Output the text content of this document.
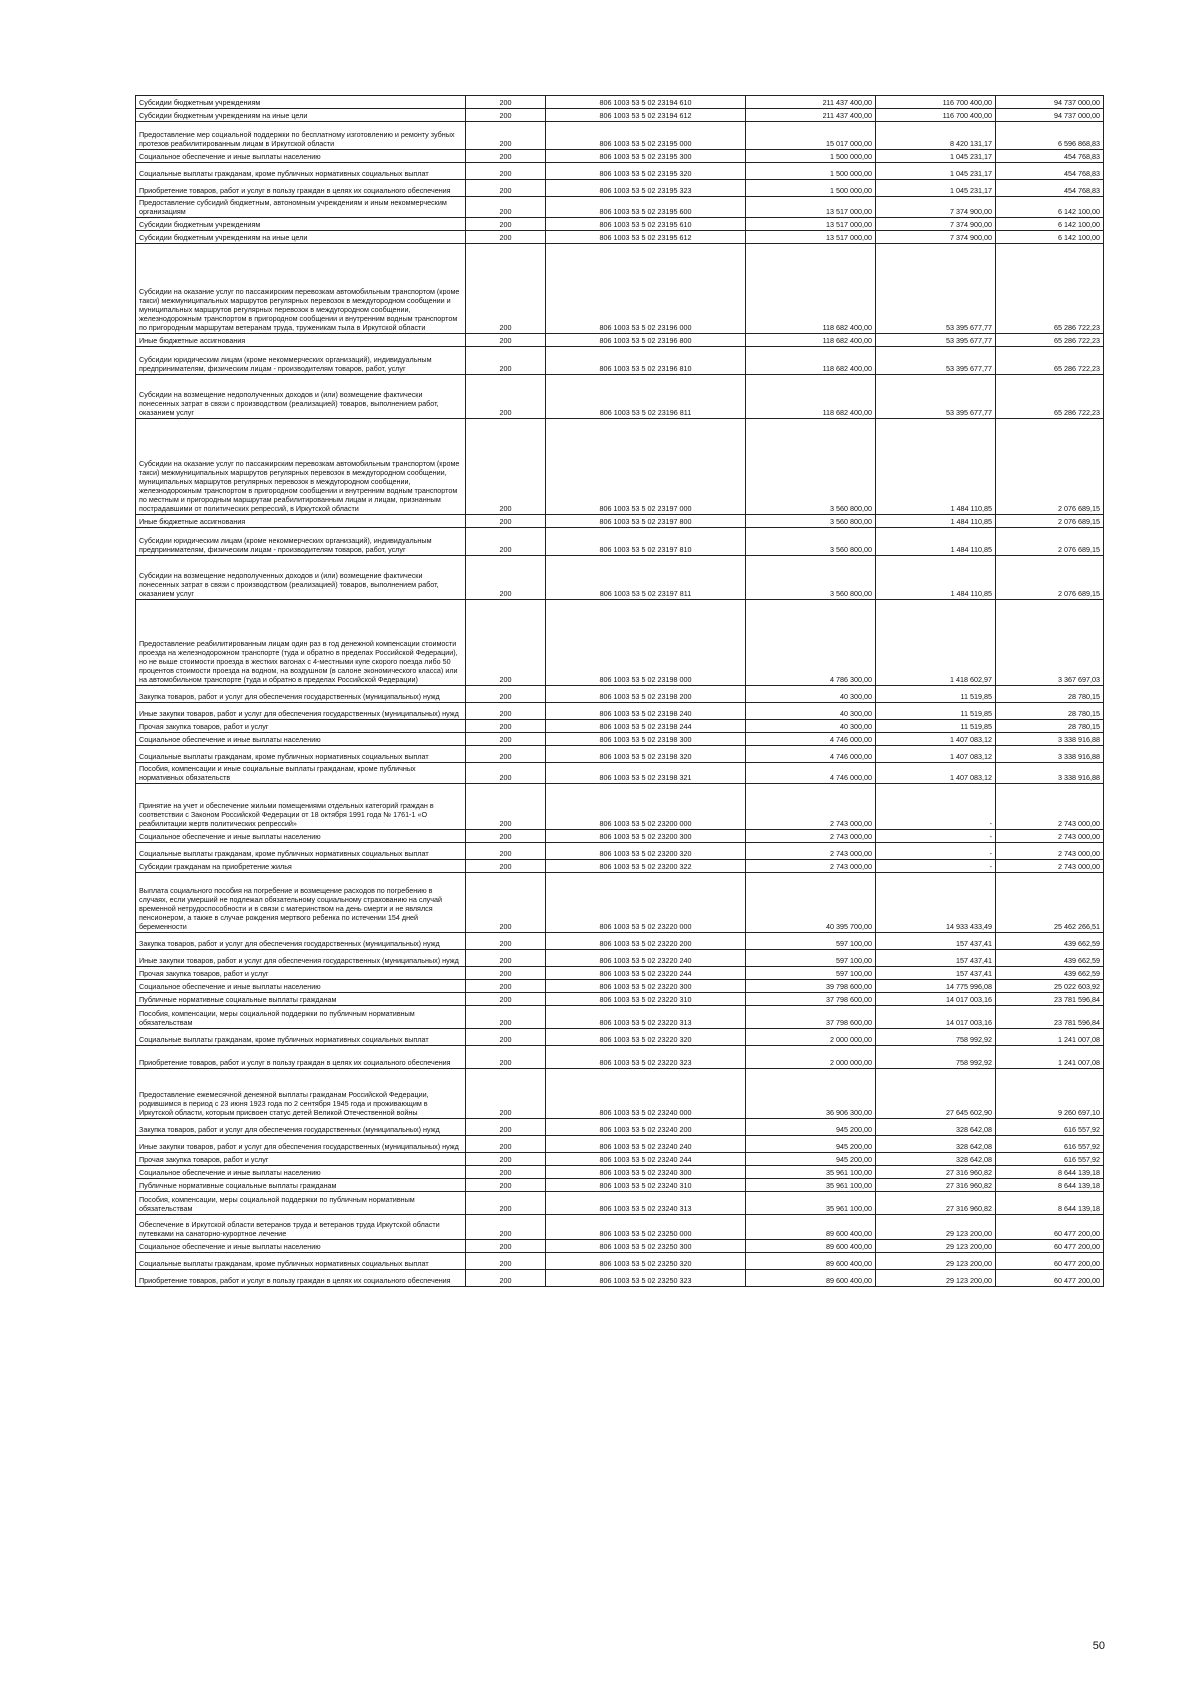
Субсидии бюджетным учреждениям	200	806 1003 53 5 02 23194 610	211 437 400,00	116 700 400,00	94 737 000,00
Субсидии бюджетным учреждениям на иные цели	200	806 1003 53 5 02 23194 612	211 437 400,00	116 700 400,00	94 737 000,00
Предоставление мер социальной поддержки по бесплатному изготовлению и ремонту зубных протезов реабилитированным лицам в Иркутской области	200	806 1003 53 5 02 23195 000	15 017 000,00	8 420 131,17	6 596 868,83
Социальное обеспечение и иные выплаты населению	200	806 1003 53 5 02 23195 300	1 500 000,00	1 045 231,17	454 768,83
Социальные выплаты гражданам, кроме публичных нормативных социальных выплат	200	806 1003 53 5 02 23195 320	1 500 000,00	1 045 231,17	454 768,83
Приобретение товаров, работ и услуг в пользу граждан в целях их социального обеспечения	200	806 1003 53 5 02 23195 323	1 500 000,00	1 045 231,17	454 768,83
Предоставление субсидий бюджетным, автономным учреждениям и иным некоммерческим организациям	200	806 1003 53 5 02 23195 600	13 517 000,00	7 374 900,00	6 142 100,00
Субсидии бюджетным учреждениям	200	806 1003 53 5 02 23195 610	13 517 000,00	7 374 900,00	6 142 100,00
Субсидии бюджетным учреждениям на иные цели	200	806 1003 53 5 02 23195 612	13 517 000,00	7 374 900,00	6 142 100,00
Субсидии на оказание услуг по пассажирским перевозкам автомобильным транспортом (кроме такси) межмуниципальных маршрутов регулярных перевозок в междугородном сообщении и муниципальных маршрутов регулярных перевозок в междугородном сообщении, железнодорожным транспортом в пригородном сообщении и внутренним водным транспортом по пригородным маршрутам ветеранам труда, труженикам тыла в Иркутской области	200	806 1003 53 5 02 23196 000	118 682 400,00	53 395 677,77	65 286 722,23
Иные бюджетные ассигнования	200	806 1003 53 5 02 23196 800	118 682 400,00	53 395 677,77	65 286 722,23
Субсидии юридическим лицам (кроме некоммерческих организаций), индивидуальным предпринимателям, физическим лицам - производителям товаров, работ, услуг	200	806 1003 53 5 02 23196 810	118 682 400,00	53 395 677,77	65 286 722,23
Субсидии на возмещение недополученных доходов и (или) возмещение фактически понесенных затрат в связи с производством (реализацией) товаров, выполнением работ, оказанием услуг	200	806 1003 53 5 02 23196 811	118 682 400,00	53 395 677,77	65 286 722,23
Субсидии на оказание услуг по пассажирским перевозкам автомобильным транспортом (кроме такси) межмуниципальных маршрутов регулярных перевозок в междугородном сообщении, муниципальных маршрутов регулярных перевозок в междугородном сообщении, железнодорожным транспортом в пригородном сообщении и внутренним водным транспортом по местным и пригородным маршрутам реабилитированным лицам и лицам, признанным пострадавшими от политических репрессий, в Иркутской области	200	806 1003 53 5 02 23197 000	3 560 800,00	1 484 110,85	2 076 689,15
Иные бюджетные ассигнования	200	806 1003 53 5 02 23197 800	3 560 800,00	1 484 110,85	2 076 689,15
Субсидии юридическим лицам (кроме некоммерческих организаций), индивидуальным предпринимателям, физическим лицам - производителям товаров, работ, услуг	200	806 1003 53 5 02 23197 810	3 560 800,00	1 484 110,85	2 076 689,15
Субсидии на возмещение недополученных доходов и (или) возмещение фактически понесенных затрат в связи с производством (реализацией) товаров, выполнением работ, оказанием услуг	200	806 1003 53 5 02 23197 811	3 560 800,00	1 484 110,85	2 076 689,15
Предоставление реабилитированным лицам один раз в год денежной компенсации стоимости проезда на железнодорожном транспорте (туда и обратно в пределах Российской Федерации), но не выше стоимости проезда в жестких вагонах с 4-местными купе скорого поезда либо 50 процентов стоимости проезда на водном, на воздушном (в салоне экономического класса) или на автомобильном транспорте (туда и обратно в пределах Российской Федерации)	200	806 1003 53 5 02 23198 000	4 786 300,00	1 418 602,97	3 367 697,03
Закупка товаров, работ и услуг для обеспечения государственных (муниципальных) нужд	200	806 1003 53 5 02 23198 200	40 300,00	11 519,85	28 780,15
Иные закупки товаров, работ и услуг для обеспечения государственных (муниципальных) нужд	200	806 1003 53 5 02 23198 240	40 300,00	11 519,85	28 780,15
Прочая закупка товаров, работ и услуг	200	806 1003 53 5 02 23198 244	40 300,00	11 519,85	28 780,15
Социальное обеспечение и иные выплаты населению	200	806 1003 53 5 02 23198 300	4 746 000,00	1 407 083,12	3 338 916,88
Социальные выплаты гражданам, кроме публичных нормативных социальных выплат	200	806 1003 53 5 02 23198 320	4 746 000,00	1 407 083,12	3 338 916,88
Пособия, компенсации и иные социальные выплаты гражданам, кроме публичных нормативных обязательств	200	806 1003 53 5 02 23198 321	4 746 000,00	1 407 083,12	3 338 916,88
Принятие на учет и обеспечение жильми помещениями отдельных категорий граждан в соответствии с Законом Российской Федерации от 18 октября 1991 года № 1761-1 «О реабилитации жертв политических репрессий»	200	806 1003 53 5 02 23200 000	2 743 000,00	-	2 743 000,00
Социальное обеспечение и иные выплаты населению	200	806 1003 53 5 02 23200 300	2 743 000,00	-	2 743 000,00
Социальные выплаты гражданам, кроме публичных нормативных социальных выплат	200	806 1003 53 5 02 23200 320	2 743 000,00	-	2 743 000,00
Субсидии гражданам на приобретение жилья	200	806 1003 53 5 02 23200 322	2 743 000,00	-	2 743 000,00
Выплата социального пособия на погребение и возмещение расходов по погребению в случаях, если умерший не подлежал обязательному социальному страхованию на случай временной нетрудоспособности и в связи с материнством на день смерти и не являлся пенсионером, а также в случае рождения мертвого ребенка по истечении 154 дней беременности	200	806 1003 53 5 02 23220 000	40 395 700,00	14 933 433,49	25 462 266,51
Закупка товаров, работ и услуг для обеспечения государственных (муниципальных) нужд	200	806 1003 53 5 02 23220 200	597 100,00	157 437,41	439 662,59
Иные закупки товаров, работ и услуг для обеспечения государственных (муниципальных) нужд	200	806 1003 53 5 02 23220 240	597 100,00	157 437,41	439 662,59
Прочая закупка товаров, работ и услуг	200	806 1003 53 5 02 23220 244	597 100,00	157 437,41	439 662,59
Социальное обеспечение и иные выплаты населению	200	806 1003 53 5 02 23220 300	39 798 600,00	14 775 996,08	25 022 603,92
Публичные нормативные социальные выплаты гражданам	200	806 1003 53 5 02 23220 310	37 798 600,00	14 017 003,16	23 781 596,84
Пособия, компенсации, меры социальной поддержки по публичным нормативным обязательствам	200	806 1003 53 5 02 23220 313	37 798 600,00	14 017 003,16	23 781 596,84
Социальные выплаты гражданам, кроме публичных нормативных социальных выплат	200	806 1003 53 5 02 23220 320	2 000 000,00	758 992,92	1 241 007,08
Приобретение товаров, работ и услуг в пользу граждан в целях их социального обеспечения	200	806 1003 53 5 02 23220 323	2 000 000,00	758 992,92	1 241 007,08
Предоставление ежемесячной денежной выплаты гражданам Российской Федерации, родившимся в период с 23 июня 1923 года по 2 сентября 1945 года и проживающим в Иркутской области, которым присвоен статус детей Великой Отечественной войны	200	806 1003 53 5 02 23240 000	36 906 300,00	27 645 602,90	9 260 697,10
Закупка товаров, работ и услуг для обеспечения государственных (муниципальных) нужд	200	806 1003 53 5 02 23240 200	945 200,00	328 642,08	616 557,92
Иные закупки товаров, работ и услуг для обеспечения государственных (муниципальных) нужд	200	806 1003 53 5 02 23240 240	945 200,00	328 642,08	616 557,92
Прочая закупка товаров, работ и услуг	200	806 1003 53 5 02 23240 244	945 200,00	328 642,08	616 557,92
Социальное обеспечение и иные выплаты населению	200	806 1003 53 5 02 23240 300	35 961 100,00	27 316 960,82	8 644 139,18
Публичные нормативные социальные выплаты гражданам	200	806 1003 53 5 02 23240 310	35 961 100,00	27 316 960,82	8 644 139,18
Пособия, компенсации, меры социальной поддержки по публичным нормативным обязательствам	200	806 1003 53 5 02 23240 313	35 961 100,00	27 316 960,82	8 644 139,18
Обеспечение в Иркутской области ветеранов труда и ветеранов труда Иркутской области путевками на санаторно-курортное лечение	200	806 1003 53 5 02 23250 000	89 600 400,00	29 123 200,00	60 477 200,00
Социальное обеспечение и иные выплаты населению	200	806 1003 53 5 02 23250 300	89 600 400,00	29 123 200,00	60 477 200,00
Социальные выплаты гражданам, кроме публичных нормативных социальных выплат	200	806 1003 53 5 02 23250 320	89 600 400,00	29 123 200,00	60 477 200,00
Приобретение товаров, работ и услуг в пользу граждан в целях их социального обеспечения	200	806 1003 53 5 02 23250 323	89 600 400,00	29 123 200,00	60 477 200,00
50
